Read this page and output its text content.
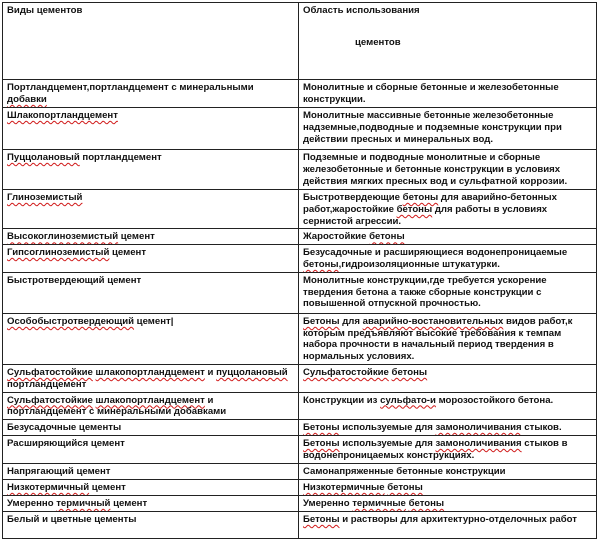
Виды цементов	Область использования
цементов

Портландцемент,портландцемент с минеральными добавки	Монолитные и сборные бетонные и железобетонные конструкции.
Шлакопортландцемент	Монолитные массивные бетонные железобетонные надземные,подводные и подземные конструкции при действии пресных и минеральных вод.
Пуццолановый портландцемент	Подземные и подводные монолитные и сборные железобетонные и бетонные конструкции в условиях действия мягких пресных вод и сульфатной коррозии.
Глиноземистый	Быстротвердеющие бетоны для аварийно-бетонных работ,жаростойкие бетоны для работы в условиях сернистой агрессии.
Высокоглиноземистый цемент	Жаростойкие бетоны
Гипсоглиноземистый цемент	Безусадочные и расширяющиеся водонепроницаемые бетоны,гидроизоляционные штукатурки.
Быстротвердеющий цемент	Монолитные конструкции,где требуется ускорение твердения бетона а также сборные конструкции с повышенной отпускной прочностью.
Особобыстротвердеющий цемент|	Бетоны для аварийно-востановительных видов работ,к которым предъявляют высокие требования к темпам набора прочности в начальный период твердения в нормальных условиях.
Сульфатостойкие шлакопортландцемент и пуццолановый портландцемент	Сульфатостойкие бетоны
Сульфатостойкие шлакопортландцемент и портландцемент с минеральными добавками	Конструкции из сульфато-и морозостойкого бетона.
Безусадочные цементы	Бетоны используемые для замоноличивания стыков.
Расширяющийся цемент	Бетоны используемые для замоноличивания стыков в водонепроницаемых конструкциях.
Напрягающий цемент	Самонапряженные бетонные конструкции
Низкотермичный цемент	Низкотермичные бетоны
Умеренно термичный цемент	Умеренно термичные бетоны
Белый и цветные цементы	Бетоны и растворы для архитектурно-отделочных работ
